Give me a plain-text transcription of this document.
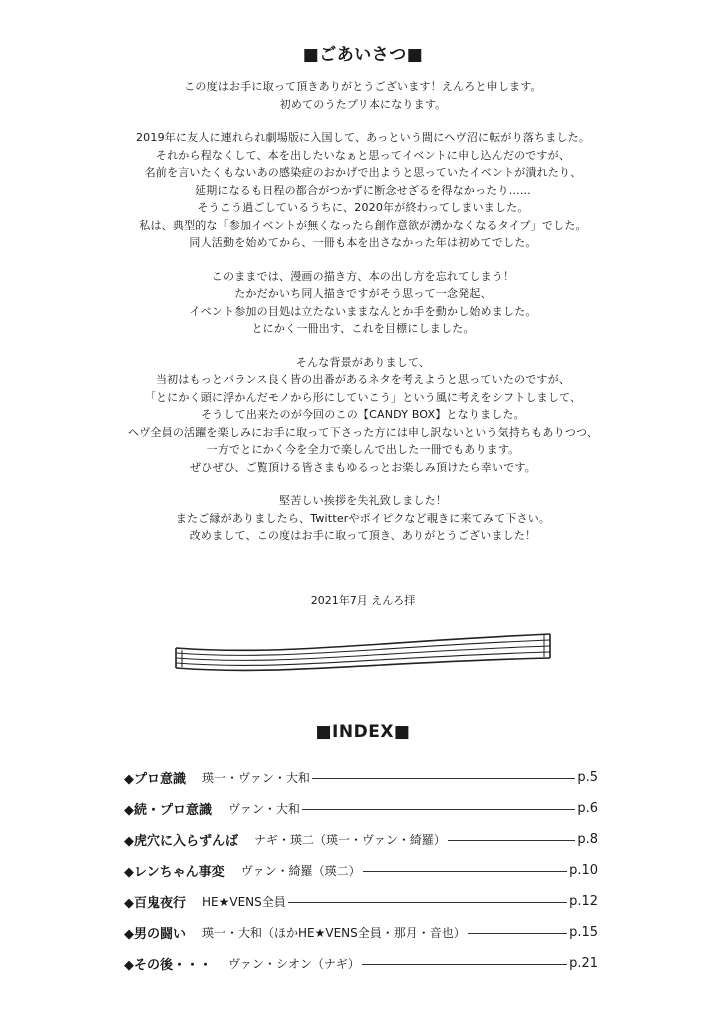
■ごあいさつ■

この度はお手に取って頂きありがとうございます！えんろと申します。
初めてのうたプリ本になります。

2019年に友人に連れられ劇場版に入国して、あっという間にヘヴ沼に転がり落ちました。
それから程なくして、本を出したいなぁと思ってイベントに申し込んだのですが、
名前を言いたくもないあの感染症のおかげで出ようと思っていたイベントが潰れたり、
延期になるも日程の都合がつかずに断念せざるを得なかったり……
そうこう過ごしているうちに、2020年が終わってしまいました。
私は、典型的な「参加イベントが無くなったら創作意欲が湧かなくなるタイプ」でした。
同人活動を始めてから、一冊も本を出さなかった年は初めてでした。

このままでは、漫画の描き方、本の出し方を忘れてしまう！
たかだかいち同人描きですがそう思って一念発起、
イベント参加の目処は立たないままなんとか手を動かし始めました。
とにかく一冊出す、これを目標にしました。

そんな背景がありまして、
当初はもっとバランス良く皆の出番があるネタを考えようと思っていたのですが、
「とにかく頭に浮かんだモノから形にしていこう」という風に考えをシフトしまして、
そうして出来たのが今回のこの【CANDY BOX】となりました。
ヘヴ全員の活躍を楽しみにお手に取って下さった方には申し訳ないという気持ちもありつつ、
一方でとにかく今を全力で楽しんで出した一冊でもあります。
ぜひぜひ、ご覧頂ける皆さまもゆるっとお楽しみ頂けたら幸いです。

堅苦しい挨拶を失礼致しました！
またご縁がありましたら、Twitterやポイピクなど覗きに来てみて下さい。
改めまして、この度はお手に取って頂き、ありがとうございました！

2021年7月 えんろ拝
■INDEX■
◆プロ意識 瑛一・ヴァン・大和	p.5
◆続・プロ意識 ヴァン・大和	p.6
◆虎穴に入らずんば ナギ・瑛二（瑛一・ヴァン・綺羅）	p.8
◆レンちゃん事変 ヴァン・綺羅（瑛二）	p.10
◆百鬼夜行 HE★VENS全員	p.12
◆男の闘い 瑛一・大和（ほかHE★VENS全員・那月・音也）	p.15
◆その後・・・ ヴァン・シオン（ナギ）	p.21
